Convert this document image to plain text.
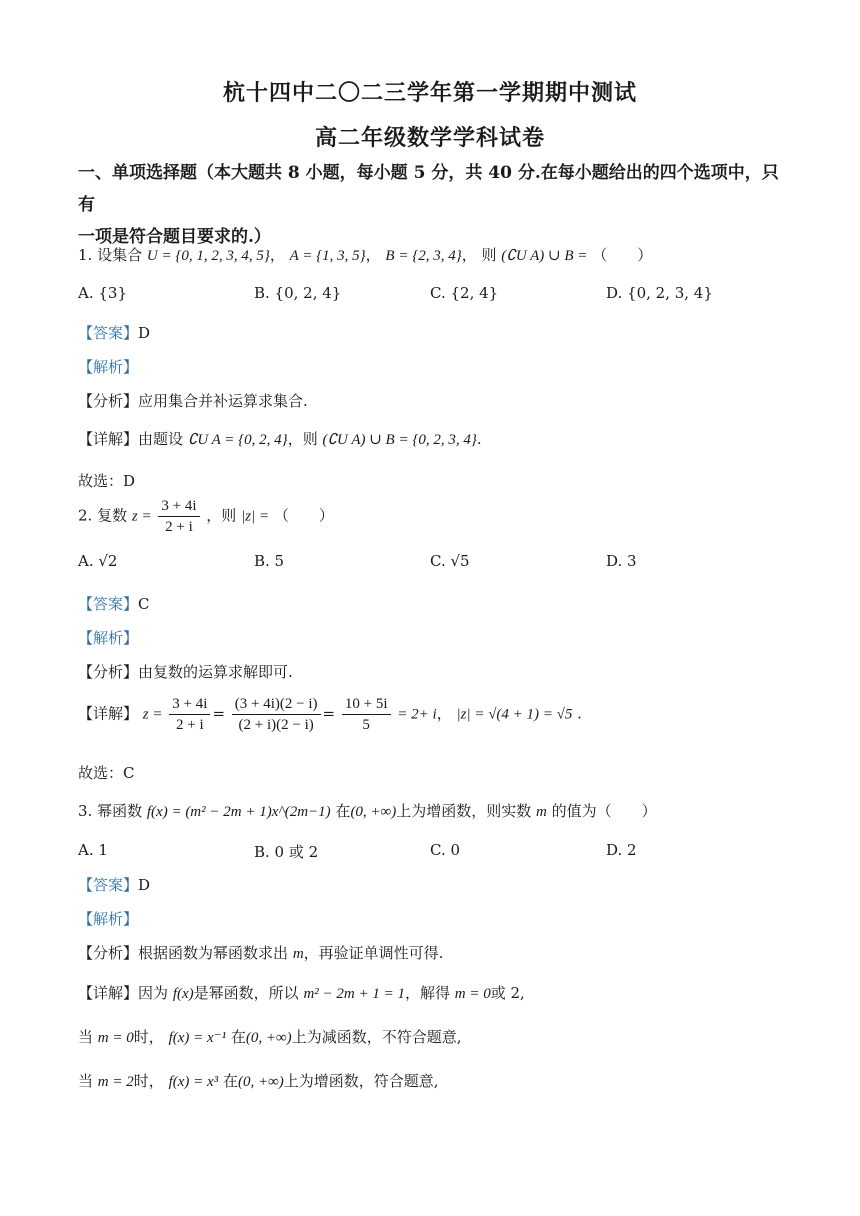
杭十四中二〇二三学年第一学期期中测试
高二年级数学学科试卷
一、单项选择题（本大题共 8 小题，每小题 5 分，共 40 分.在每小题给出的四个选项中，只有
一项是符合题目要求的.）
1. 设集合 U = {0, 1, 2, 3, 4, 5}， A = {1, 3, 5}， B = {2, 3, 4}， 则 (∁U A) ∪ B = （　　）
A. {3}	B. {0, 2, 4}	C. {2, 4}	D. {0, 2, 3, 4}
【答案】D
【解析】
【分析】应用集合并补运算求集合.
【详解】由题设 ∁U A = {0, 2, 4}，则 (∁U A) ∪ B = {0, 2, 3, 4}.
故选：D
2. 复数 $z = \frac{3 + 4i}{2 + i}$ ，则 |z| = （　　）
A. √2	B. 5	C. √5	D. 3
【答案】C
【解析】
【分析】由复数的运算求解即可.
【详解】 $z = \frac{3 + 4i}{2 + i} = \frac{(3 + 4i)(2 - i)}{(2 + i)(2 - i)} = \frac{10 + 5i}{5} = 2+ i$， |z| = √(4 + 1) = √5 .
故选：C
3. 幂函数 f(x) = (m² − 2m + 1)x^(2m−1) 在(0, +∞)上为增函数，则实数 m 的值为（　　）
A. 1	B. 0 或 2	C. 0	D. 2
【答案】D
【解析】
【分析】根据函数为幂函数求出 m，再验证单调性可得.
【详解】因为 f(x)是幂函数，所以 m² − 2m + 1 = 1，解得 m = 0或 2,
当 m = 0时， f(x) = x⁻¹ 在(0, +∞)上为减函数，不符合题意,
当 m = 2时， f(x) = x³ 在(0, +∞)上为增函数，符合题意,
